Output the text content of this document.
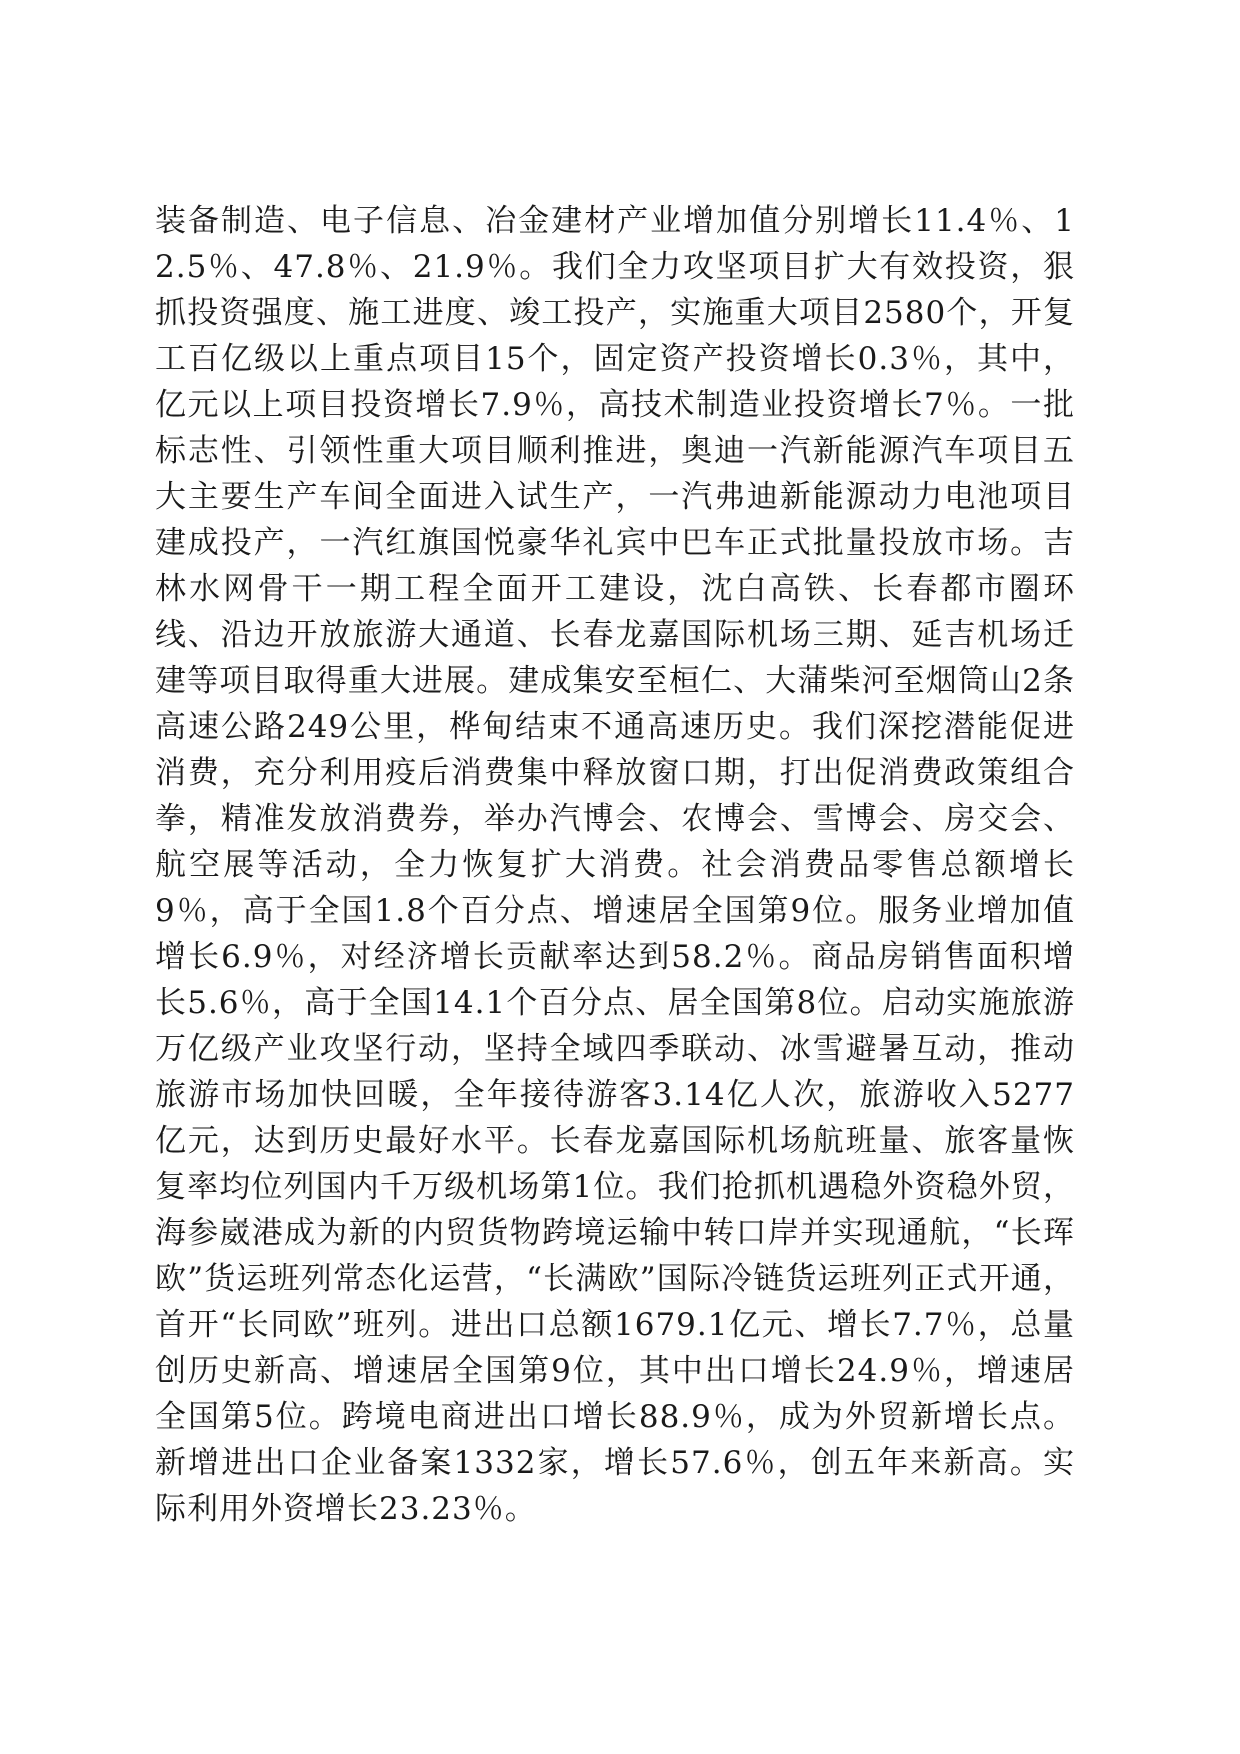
装备制造、电子信息、冶金建材产业增加值分别增长11.4％、12.5％、47.8％、21.9％。我们全力攻坚项目扩大有效投资，狠抓投资强度、施工进度、竣工投产，实施重大项目2580个，开复工百亿级以上重点项目15个，固定资产投资增长0.3％，其中，亿元以上项目投资增长7.9％，高技术制造业投资增长7％。一批标志性、引领性重大项目顺利推进，奥迪一汽新能源汽车项目五大主要生产车间全面进入试生产，一汽弗迪新能源动力电池项目建成投产，一汽红旗国悦豪华礼宾中巴车正式批量投放市场。吉林水网骨干一期工程全面开工建设，沈白高铁、长春都市圈环线、沿边开放旅游大通道、长春龙嘉国际机场三期、延吉机场迁建等项目取得重大进展。建成集安至桓仁、大蒲柴河至烟筒山2条高速公路249公里，桦甸结束不通高速历史。我们深挖潜能促进消费，充分利用疫后消费集中释放窗口期，打出促消费政策组合拳，精准发放消费券，举办汽博会、农博会、雪博会、房交会、航空展等活动，全力恢复扩大消费。社会消费品零售总额增长9％，高于全国1.8个百分点、增速居全国第9位。服务业增加值增长6.9％，对经济增长贡献率达到58.2％。商品房销售面积增长5.6％，高于全国14.1个百分点、居全国第8位。启动实施旅游万亿级产业攻坚行动，坚持全域四季联动、冰雪避暑互动，推动旅游市场加快回暖，全年接待游客3.14亿人次，旅游收入5277亿元，达到历史最好水平。长春龙嘉国际机场航班量、旅客量恢复率均位列国内千万级机场第1位。我们抢抓机遇稳外资稳外贸，海参崴港成为新的内贸货物跨境运输中转口岸并实现通航，“长珲欧”货运班列常态化运营，“长满欧”国际冷链货运班列正式开通，首开“长同欧”班列。进出口总额1679.1亿元、增长7.7％，总量创历史新高、增速居全国第9位，其中出口增长24.9％，增速居全国第5位。跨境电商进出口增长88.9％，成为外贸新增长点。新增进出口企业备案1332家，增长57.6％，创五年来新高。实际利用外资增长23.23％。
